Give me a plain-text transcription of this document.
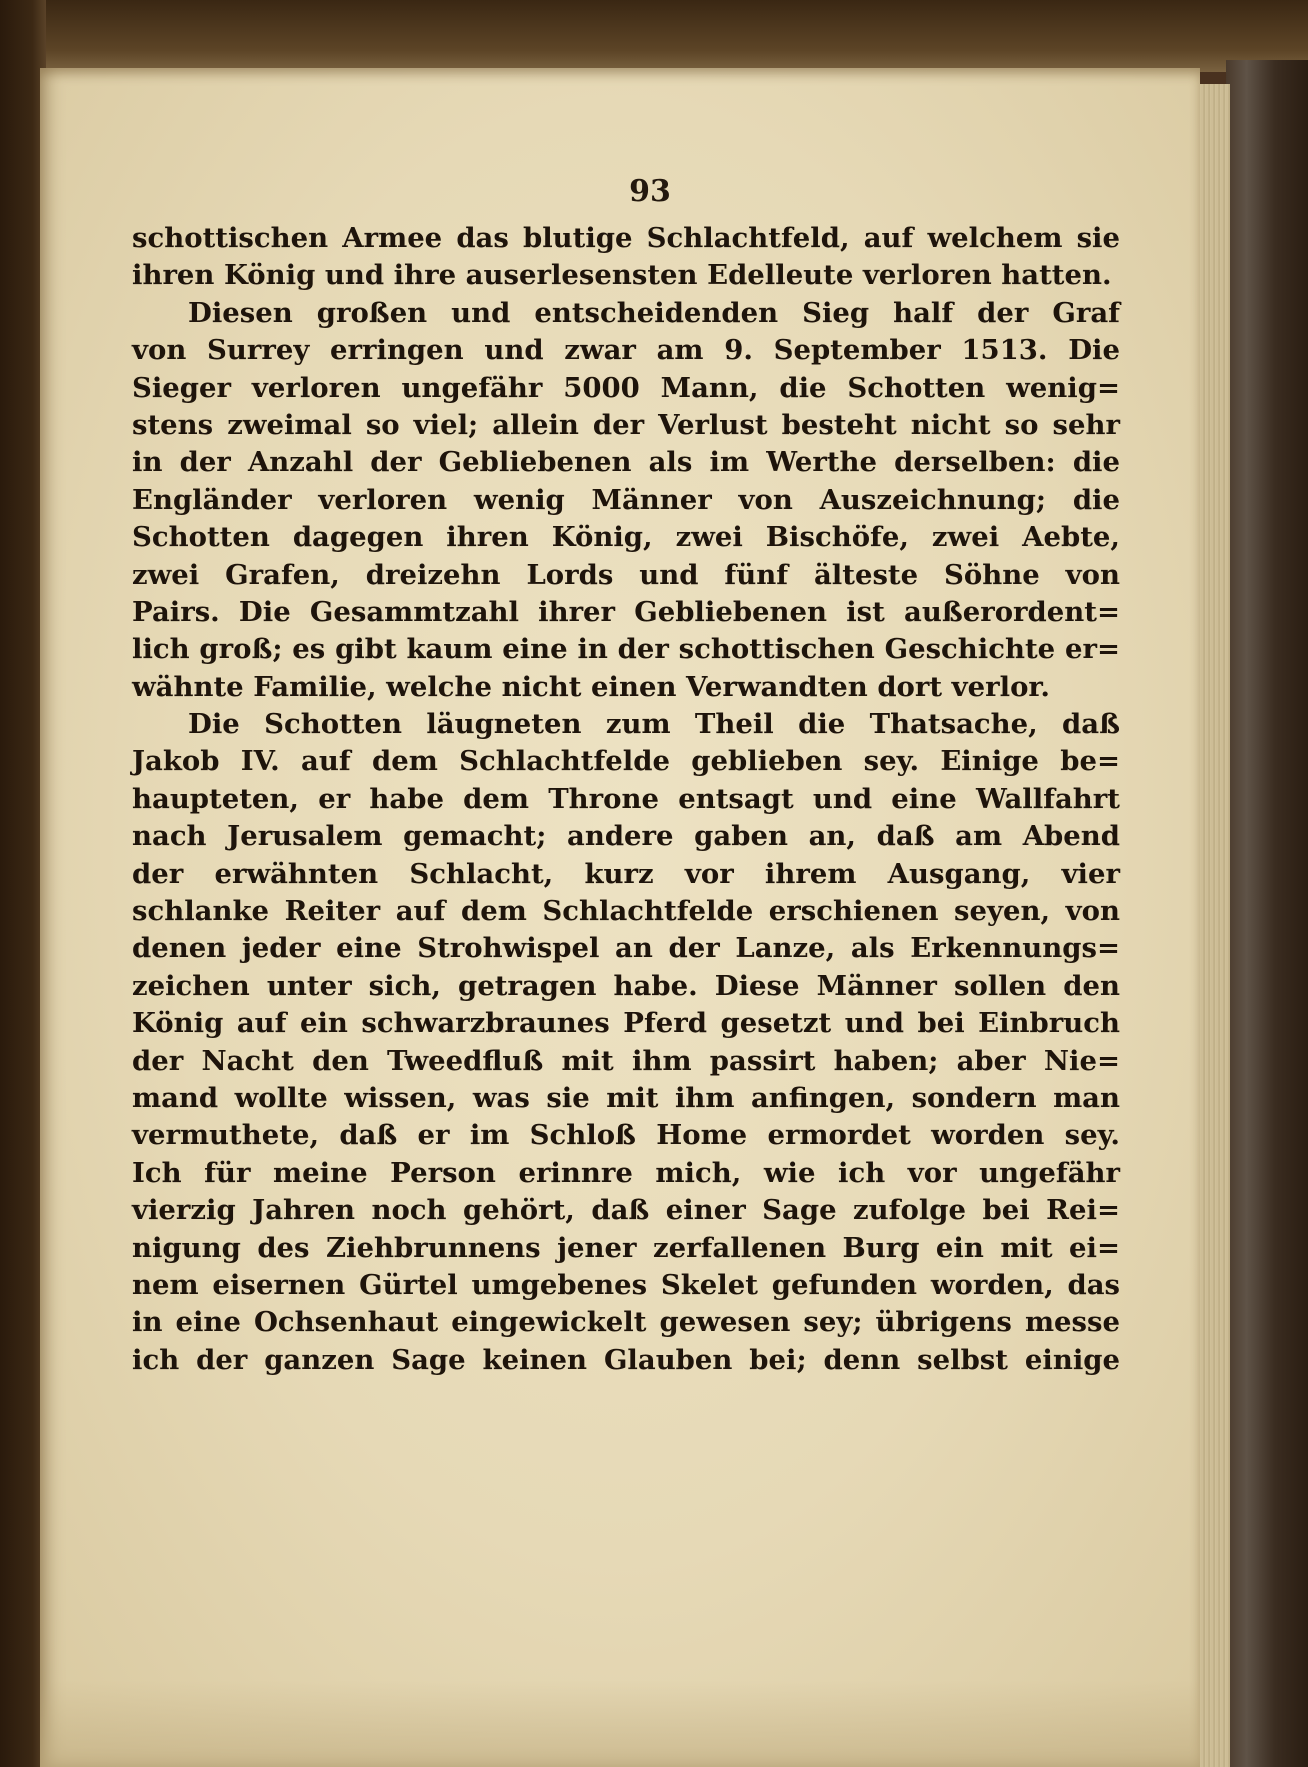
93
schottischen Armee das blutige Schlachtfeld, auf welchem sie
ihren König und ihre auserlesensten Edelleute verloren hatten.
Diesen großen und entscheidenden Sieg half der Graf
von Surrey erringen und zwar am 9. September 1513. Die
Sieger verloren ungefähr 5000 Mann, die Schotten wenig=
stens zweimal so viel; allein der Verlust besteht nicht so sehr
in der Anzahl der Gebliebenen als im Werthe derselben: die
Engländer verloren wenig Männer von Auszeichnung; die
Schotten dagegen ihren König, zwei Bischöfe, zwei Aebte,
zwei Grafen, dreizehn Lords und fünf älteste Söhne von
Pairs. Die Gesammtzahl ihrer Gebliebenen ist außerordent=
lich groß; es gibt kaum eine in der schottischen Geschichte er=
wähnte Familie, welche nicht einen Verwandten dort verlor.
Die Schotten läugneten zum Theil die Thatsache, daß
Jakob IV. auf dem Schlachtfelde geblieben sey. Einige be=
haupteten, er habe dem Throne entsagt und eine Wallfahrt
nach Jerusalem gemacht; andere gaben an, daß am Abend
der erwähnten Schlacht, kurz vor ihrem Ausgang, vier
schlanke Reiter auf dem Schlachtfelde erschienen seyen, von
denen jeder eine Strohwispel an der Lanze, als Erkennungs=
zeichen unter sich, getragen habe. Diese Männer sollen den
König auf ein schwarzbraunes Pferd gesetzt und bei Einbruch
der Nacht den Tweedfluß mit ihm passirt haben; aber Nie=
mand wollte wissen, was sie mit ihm anfingen, sondern man
vermuthete, daß er im Schloß Home ermordet worden sey.
Ich für meine Person erinnre mich, wie ich vor ungefähr
vierzig Jahren noch gehört, daß einer Sage zufolge bei Rei=
nigung des Ziehbrunnens jener zerfallenen Burg ein mit ei=
nem eisernen Gürtel umgebenes Skelet gefunden worden, das
in eine Ochsenhaut eingewickelt gewesen sey; übrigens messe
ich der ganzen Sage keinen Glauben bei; denn selbst einige
